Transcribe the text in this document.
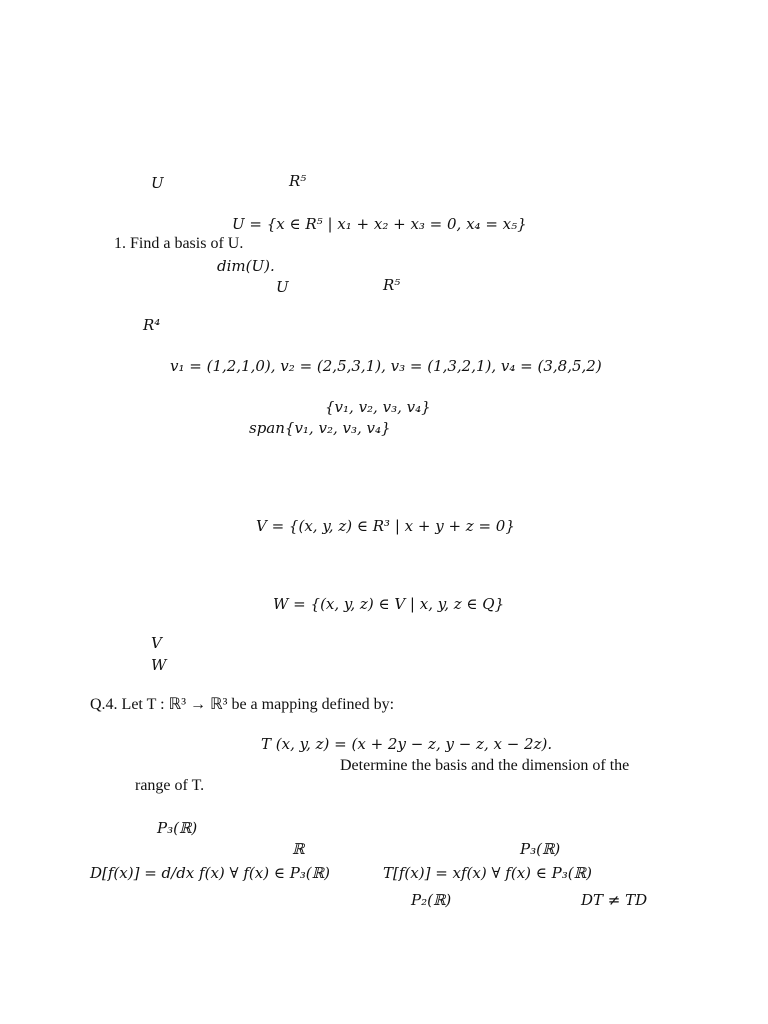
U	R⁵
U = {x ∈ R⁵ | x₁ + x₂ + x₃ = 0, x₄ = x₅}
1. Find a basis of U.
dim(U).
U	R⁵
R⁴
v₁ = (1,2,1,0), v₂ = (2,5,3,1), v₃ = (1,3,2,1), v₄ = (3,8,5,2)
{v₁, v₂, v₃, v₄}
span{v₁, v₂, v₃, v₄}
V = {(x, y, z) ∈ R³ | x + y + z = 0}
W = {(x, y, z) ∈ V | x, y, z ∈ Q}
V
W
Q.4. Let T : ℝ³ → ℝ³ be a mapping defined by:
T (x, y, z) = (x + 2y − z, y − z, x − 2z).
Determine the basis and the dimension of the
range of T.
P₃(ℝ)
ℝ	P₃(ℝ)
D[f(x)] = d/dx f(x) ∀ f(x) ∈ P₃(ℝ)	T[f(x)] = xf(x) ∀ f(x) ∈ P₃(ℝ)
P₂(ℝ)	DT ≠ TD
